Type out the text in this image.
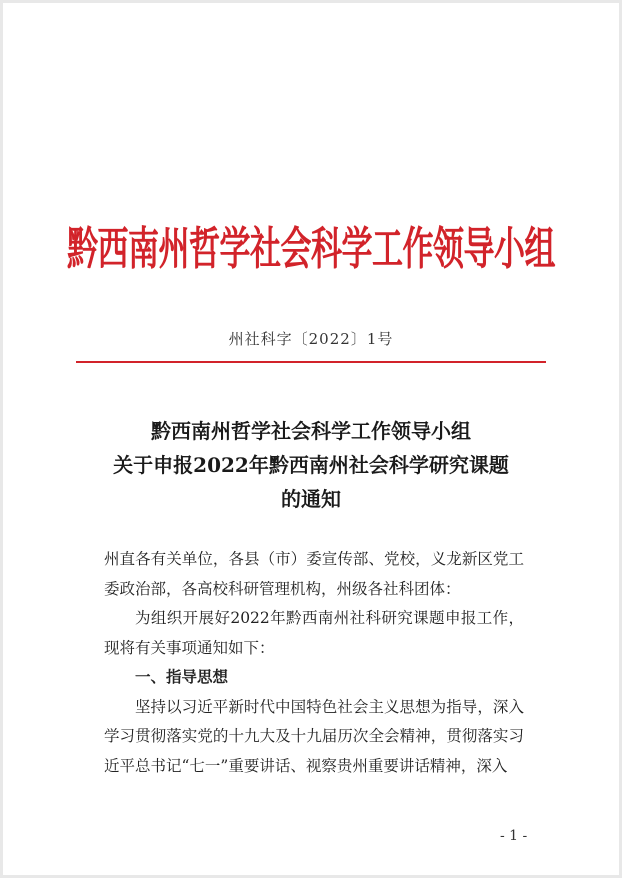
黔西南州哲学社会科学工作领导小组
州社科字〔2022〕1号
黔西南州哲学社会科学工作领导小组
关于申报2022年黔西南州社会科学研究课题
的通知

州直各有关单位，各县（市）委宣传部、党校，义龙新区党工委政治部，各高校科研管理机构，州级各社科团体：

为组织开展好2022年黔西南州社科研究课题申报工作，现将有关事项通知如下：

一、指导思想

坚持以习近平新时代中国特色社会主义思想为指导，深入学习贯彻落实党的十九大及十九届历次全会精神，贯彻落实习近平总书记“七一”重要讲话、视察贵州重要讲话精神，深入

- 1 -
